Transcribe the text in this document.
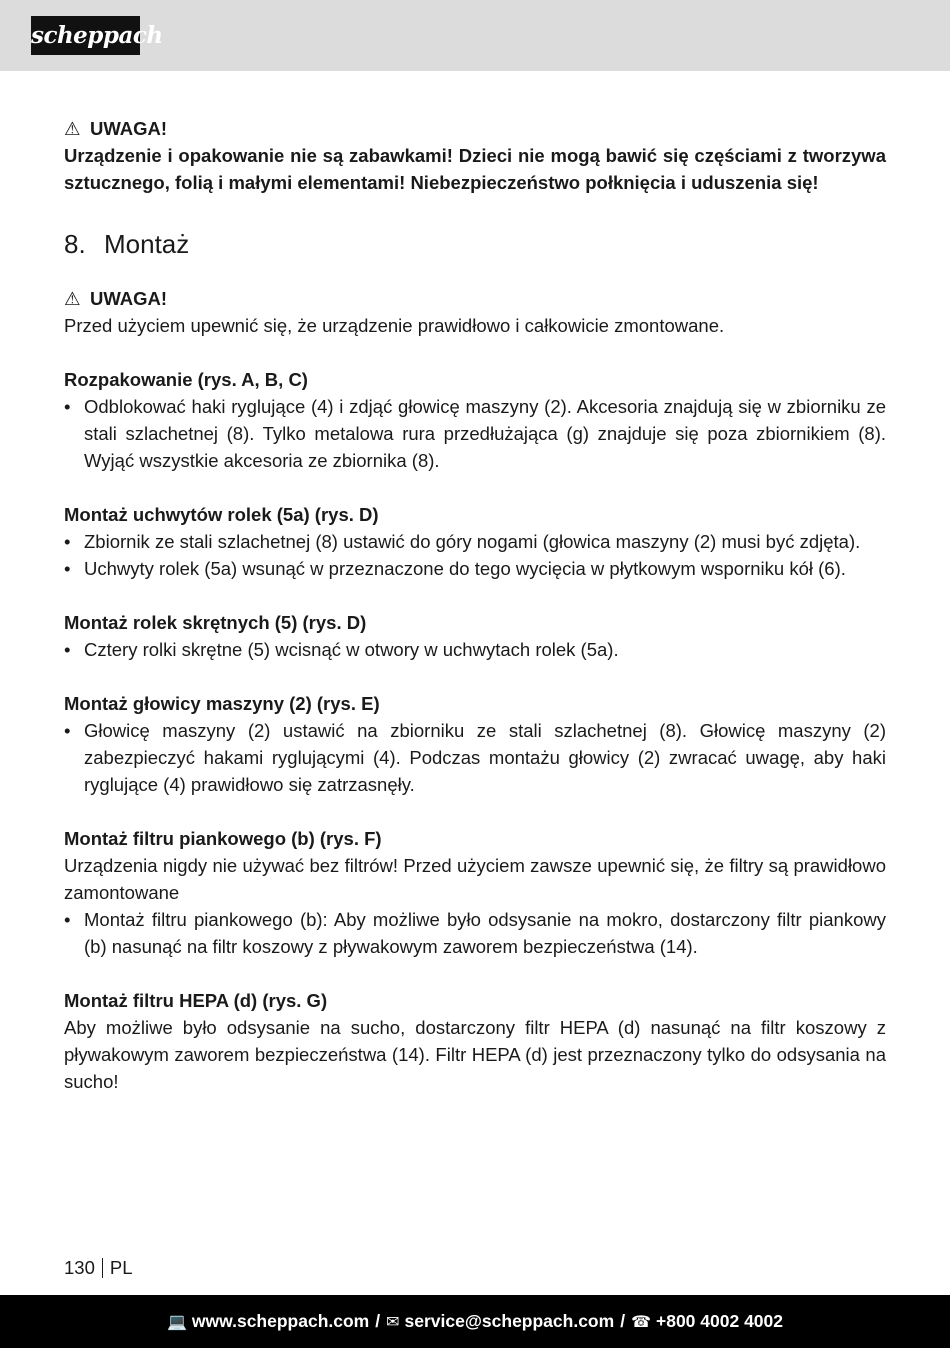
scheppach

⚠ UWAGA!

Urządzenie i opakowanie nie są zabawkami! Dzieci nie mogą bawić się częściami z tworzywa sztucznego, folią i małymi elementami! Niebezpieczeństwo połknięcia i uduszenia się!

8. Montaż

⚠ UWAGA!

Przed użyciem upewnić się, że urządzenie prawidłowo i całkowicie zmontowane.

Rozpakowanie (rys. A, B, C)

• Odblokować haki ryglujące (4) i zdjąć głowicę maszyny (2). Akcesoria znajdują się w zbiorniku ze stali szlachetnej (8). Tylko metalowa rura przedłużająca (g) znajduje się poza zbiornikiem (8). Wyjąć wszystkie akcesoria ze zbiornika (8).

Montaż uchwytów rolek (5a) (rys. D)

• Zbiornik ze stali szlachetnej (8) ustawić do góry nogami (głowica maszyny (2) musi być zdjęta).
• Uchwyty rolek (5a) wsunąć w przeznaczone do tego wycięcia w płytkowym wsporniku kół (6).

Montaż rolek skrętnych (5) (rys. D)

• Cztery rolki skrętne (5) wcisnąć w otwory w uchwytach rolek (5a).

Montaż głowicy maszyny (2) (rys. E)

• Głowicę maszyny (2) ustawić na zbiorniku ze stali szlachetnej (8). Głowicę maszyny (2) zabezpieczyć hakami ryglującymi (4). Podczas montażu głowicy (2) zwracać uwagę, aby haki ryglujące (4) prawidłowo się zatrzasnęły.

Montaż filtru piankowego (b) (rys. F)

Urządzenia nigdy nie używać bez filtrów! Przed użyciem zawsze upewnić się, że filtry są prawidłowo zamontowane

• Montaż filtru piankowego (b): Aby możliwe było odsysanie na mokro, dostarczony filtr piankowy (b) nasunąć na filtr koszowy z pływakowym zaworem bezpieczeństwa (14).

Montaż filtru HEPA (d) (rys. G)

Aby możliwe było odsysanie na sucho, dostarczony filtr HEPA (d) nasunąć na filtr koszowy z pływakowym zaworem bezpieczeństwa (14). Filtr HEPA (d) jest przeznaczony tylko do odsysania na sucho!

130 PL
💻 www.scheppach.com / ✉ service@scheppach.com / ☎ +800 4002 4002
